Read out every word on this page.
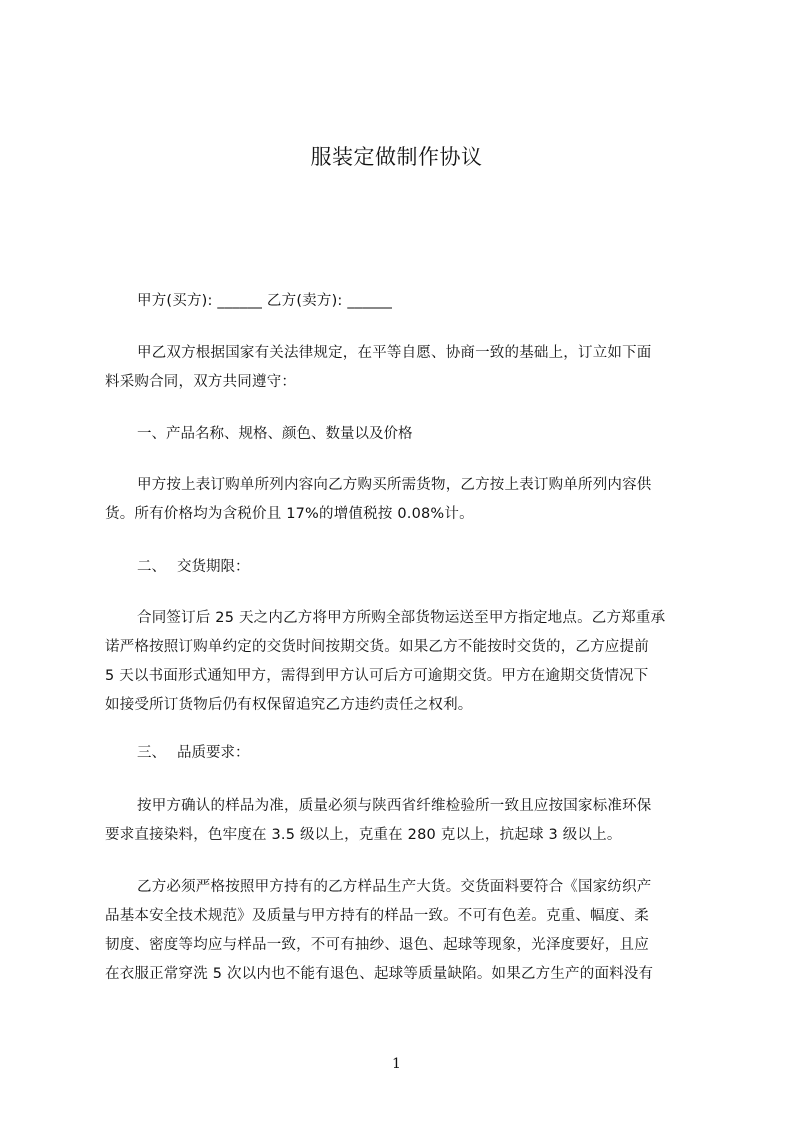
服装定做制作协议
甲方(买方): ______ 乙方(卖方): ______
甲乙双方根据国家有关法律规定，在平等自愿、协商一致的基础上，订立如下面
料采购合同，双方共同遵守：
一、产品名称、规格、颜色、数量以及价格
甲方按上表订购单所列内容向乙方购买所需货物，乙方按上表订购单所列内容供
货。所有价格均为含税价且 17%的增值税按 0.08%计。
二、 交货期限：
合同签订后 25 天之内乙方将甲方所购全部货物运送至甲方指定地点。乙方郑重承
诺严格按照订购单约定的交货时间按期交货。如果乙方不能按时交货的，乙方应提前
5 天以书面形式通知甲方，需得到甲方认可后方可逾期交货。甲方在逾期交货情况下
如接受所订货物后仍有权保留追究乙方违约责任之权利。
三、 品质要求：
按甲方确认的样品为准，质量必须与陕西省纤维检验所一致且应按国家标准环保
要求直接染料，色牢度在 3.5 级以上，克重在 280 克以上，抗起球 3 级以上。
乙方必须严格按照甲方持有的乙方样品生产大货。交货面料要符合《国家纺织产
品基本安全技术规范》及质量与甲方持有的样品一致。不可有色差。克重、幅度、柔
韧度、密度等均应与样品一致，不可有抽纱、退色、起球等现象，光泽度要好，且应
在衣服正常穿洗 5 次以内也不能有退色、起球等质量缺陷。如果乙方生产的面料没有
1
